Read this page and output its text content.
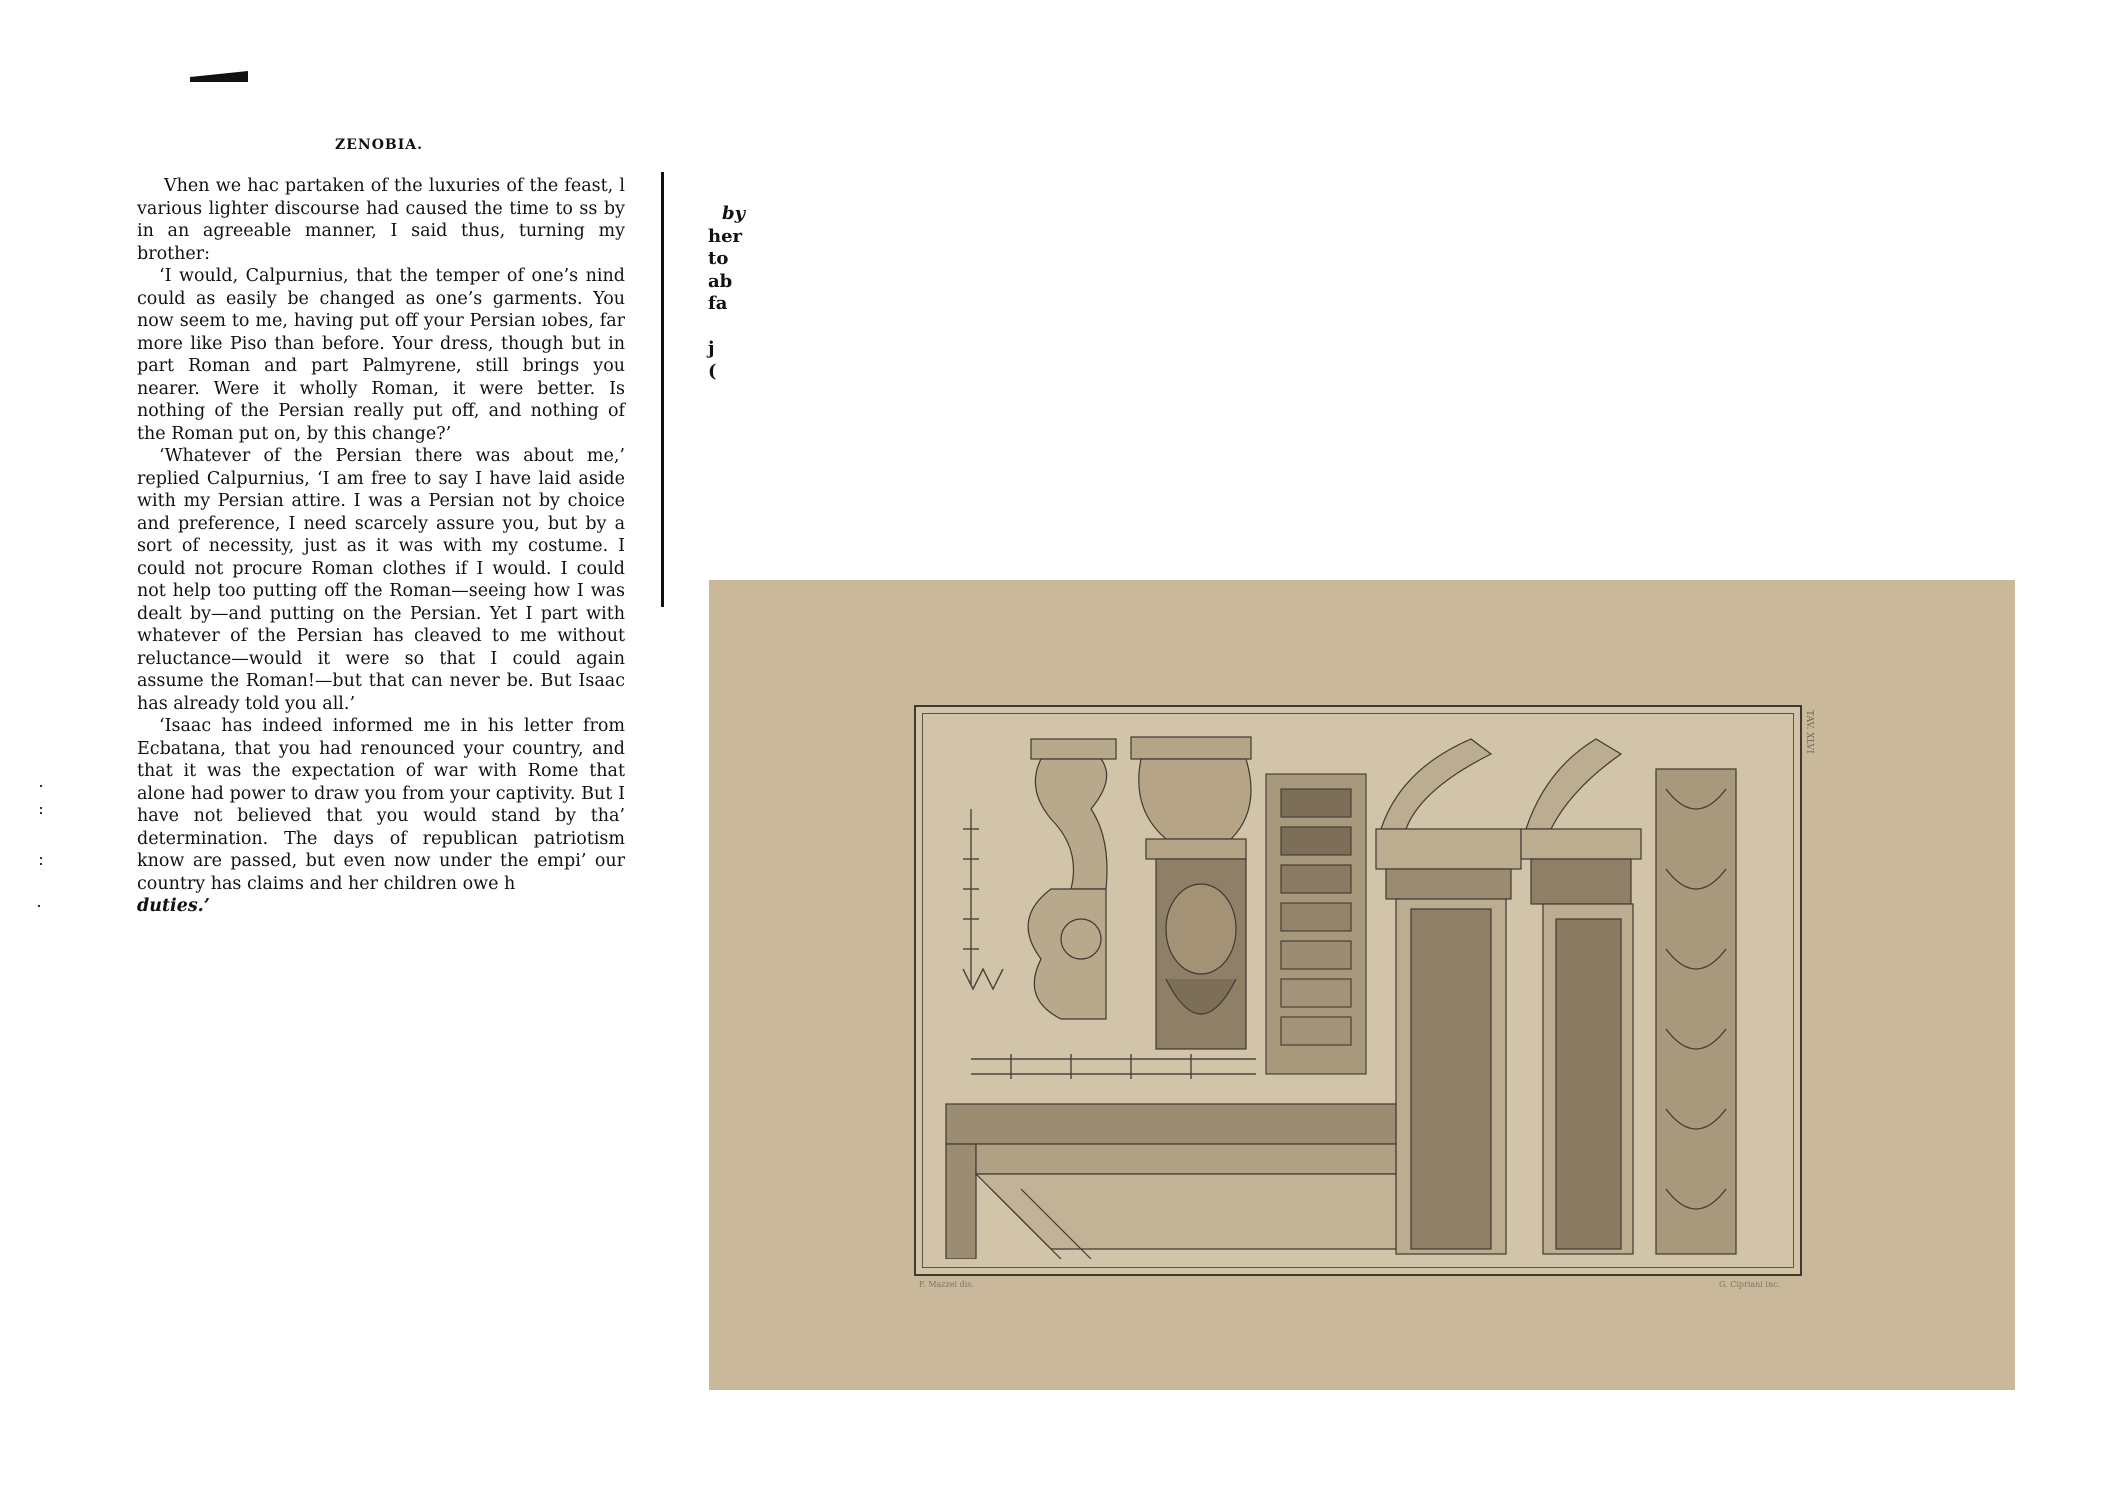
ZENOBIA.

Vhen we hac partaken of the luxuries of the feast, l various lighter discourse had caused the time to ss by in an agreeable manner, I said thus, turning my brother:

‘I would, Calpurnius, that the temper of one’s nind could as easily be changed as one’s garments. You now seem to me, having put off your Persian ıobes, far more like Piso than before. Your dress, though but in part Roman and part Palmyrene, still brings you nearer. Were it wholly Roman, it were better. Is nothing of the Persian really put off, and nothing of the Roman put on, by this change?’

‘Whatever of the Persian there was about me,’ replied Calpurnius, ‘I am free to say I have laid aside with my Persian attire. I was a Persian not by choice and preference, I need scarcely assure you, but by a sort of necessity, just as it was with my costume. I could not procure Roman clothes if I would. I could not help too putting off the Roman—seeing how I was dealt by—and putting on the Persian. Yet I part with whatever of the Persian has cleaved to me without reluctance—would it were so that I could again assume the Roman!—but that can never be. But Isaac has already told you all.’

‘Isaac has indeed informed me in his letter from Ecbatana, that you had renounced your country, and that it was the expectation of war with Rome that alone had power to draw you from your captivity. But I have not believed that you would stand by tha’ determination. The days of republican patriotism know are passed, but even now under the empi’ our country has claims and her children owe h

duties.’

by
her
to
ab
fa
j
(
TAV. XLVI
F. Mazzei dis.	G. Cipriani inc.
